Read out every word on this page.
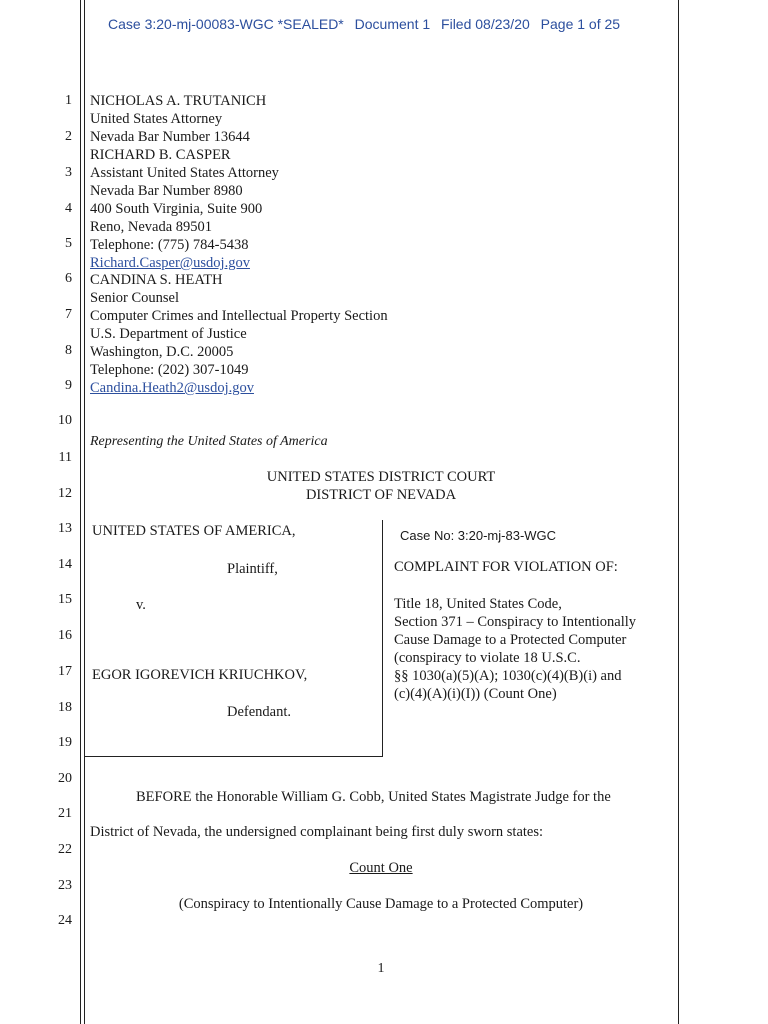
Case 3:20-mj-00083-WGC *SEALED* Document 1 Filed 08/23/20 Page 1 of 25
1
2
3
4
5
6
7
8
9
10
11
12
13
14
15
16
17
18
19
20
21
22
23
24
NICHOLAS A. TRUTANICH
United States Attorney
Nevada Bar Number 13644
RICHARD B. CASPER
Assistant United States Attorney
Nevada Bar Number 8980
400 South Virginia, Suite 900
Reno, Nevada 89501
Telephone: (775) 784-5438
Richard.Casper@usdoj.gov
CANDINA S. HEATH
Senior Counsel
Computer Crimes and Intellectual Property Section
U.S. Department of Justice
Washington, D.C. 20005
Telephone: (202) 307-1049
Candina.Heath2@usdoj.gov
Representing the United States of America
UNITED STATES DISTRICT COURT
DISTRICT OF NEVADA
UNITED STATES OF AMERICA,
Plaintiff,
v.
EGOR IGOREVICH KRIUCHKOV,
Defendant.
Case No: 3:20-mj-83-WGC
COMPLAINT FOR VIOLATION OF:
Title 18, United States Code,
Section 371 – Conspiracy to Intentionally
Cause Damage to a Protected Computer
(conspiracy to violate 18 U.S.C.
§§ 1030(a)(5)(A); 1030(c)(4)(B)(i) and
(c)(4)(A)(i)(I)) (Count One)
BEFORE the Honorable William G. Cobb, United States Magistrate Judge for the
District of Nevada, the undersigned complainant being first duly sworn states:
Count One
(Conspiracy to Intentionally Cause Damage to a Protected Computer)
1
